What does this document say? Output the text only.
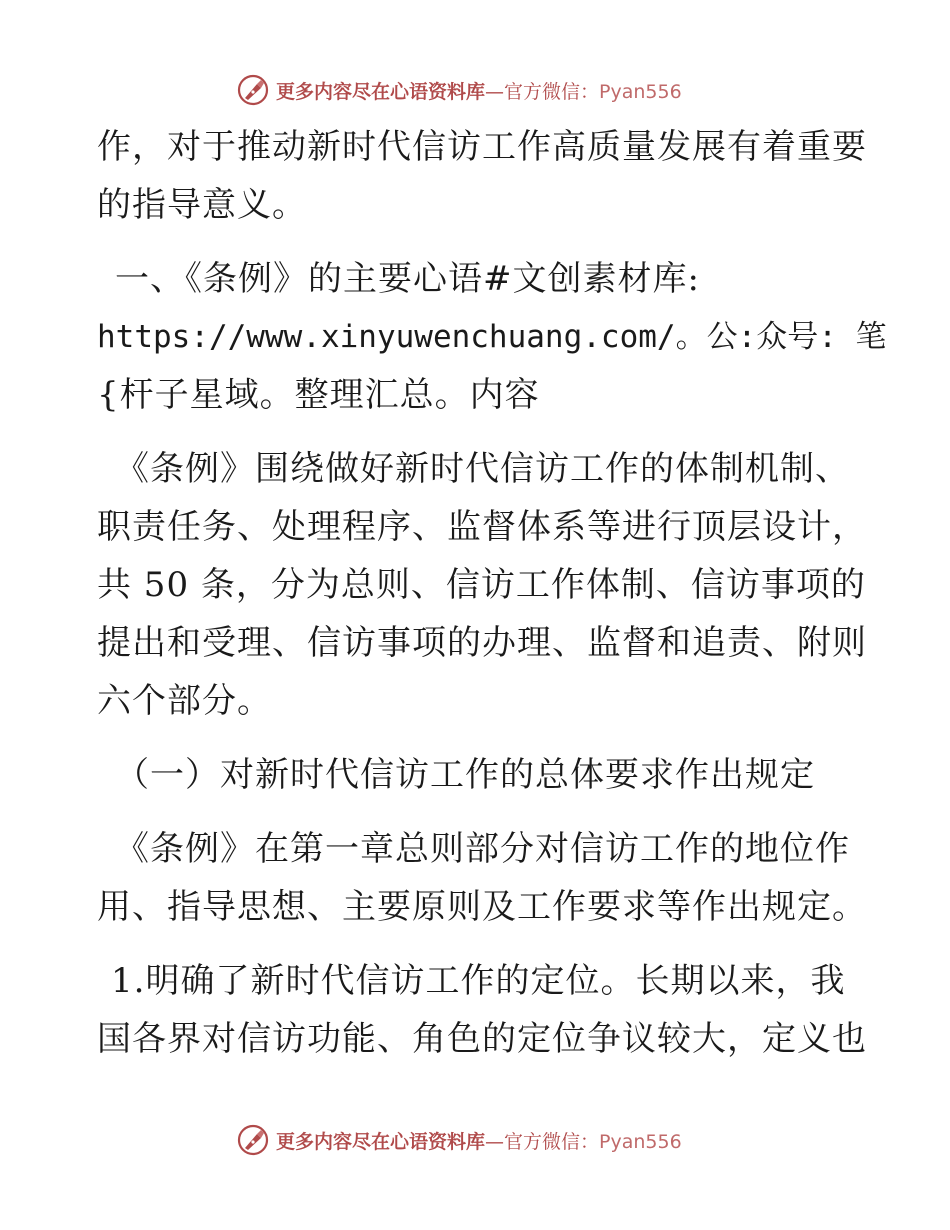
更多内容尽在心语资料库—官方微信：Pyan556

作，对于推动新时代信访工作高质量发展有着重要
的指导意义。

一、《条例》的主要心语#文创素材库:
https://www.xinyuwenchuang.com/。公:众号: 笔
{杆子星域。整理汇总。内容

《条例》围绕做好新时代信访工作的体制机制、
职责任务、处理程序、监督体系等进行顶层设计，
共 50 条，分为总则、信访工作体制、信访事项的
提出和受理、信访事项的办理、监督和追责、附则
六个部分。

（一）对新时代信访工作的总体要求作出规定

《条例》在第一章总则部分对信访工作的地位作
用、指导思想、主要原则及工作要求等作出规定。

1.明确了新时代信访工作的定位。长期以来，我
国各界对信访功能、角色的定位争议较大，定义也

更多内容尽在心语资料库—官方微信：Pyan556
